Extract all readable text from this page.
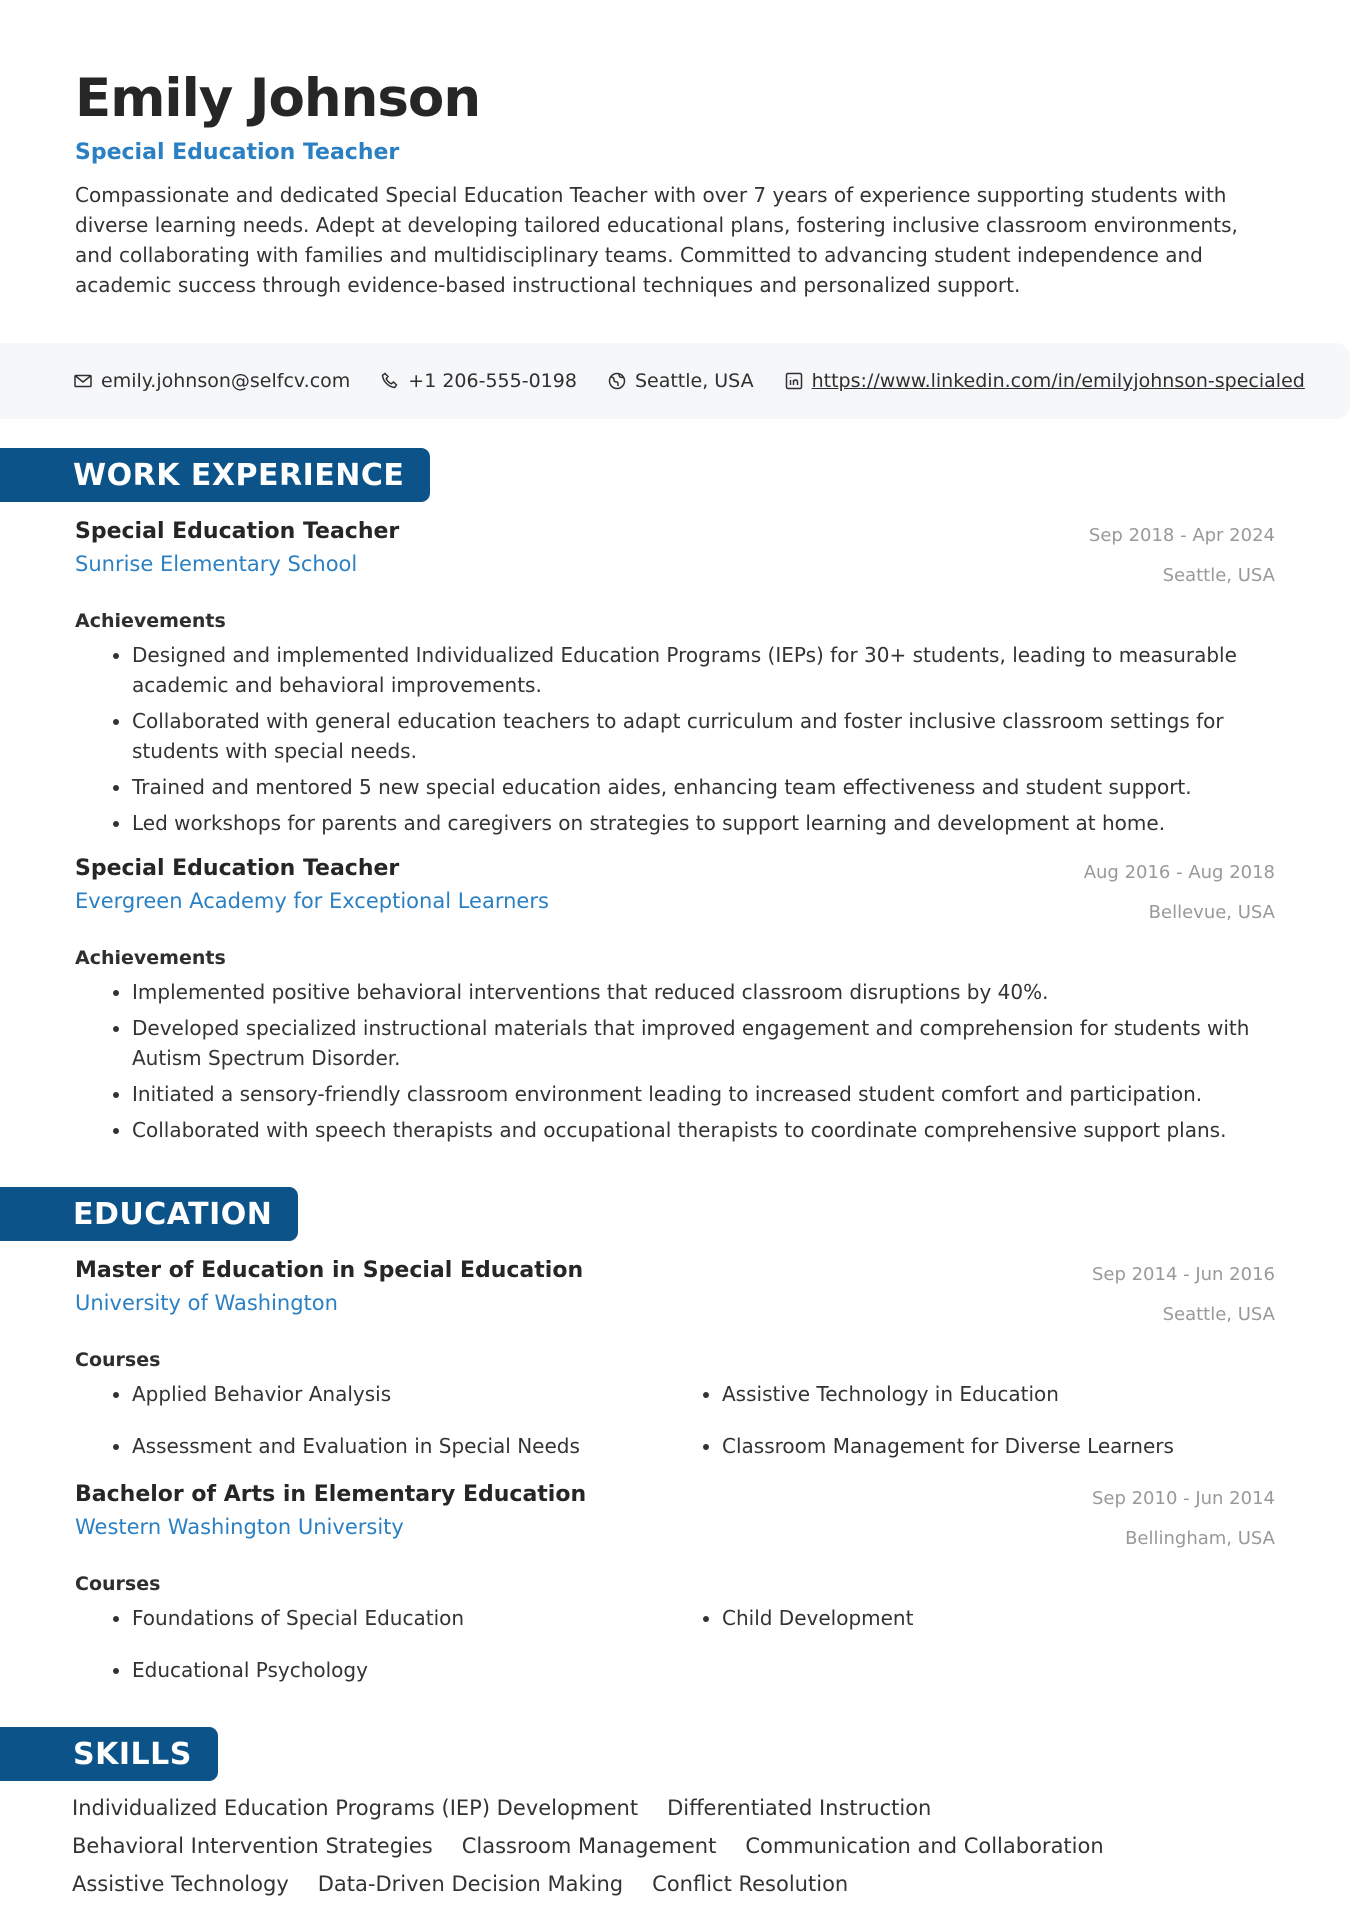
Emily Johnson
Special Education Teacher
Compassionate and dedicated Special Education Teacher with over 7 years of experience supporting students with diverse learning needs. Adept at developing tailored educational plans, fostering inclusive classroom environments, and collaborating with families and multidisciplinary teams. Committed to advancing student independence and academic success through evidence-based instructional techniques and personalized support.
emily.johnson@selfcv.com	+1 206-555-0198	Seattle, USA	https://www.linkedin.com/in/emilyjohnson-specialed
WORK EXPERIENCE
Special Education Teacher
Sunrise Elementary School
Sep 2018 - Apr 2024
Seattle, USA
Achievements
• Designed and implemented Individualized Education Programs (IEPs) for 30+ students, leading to measurable academic and behavioral improvements.
• Collaborated with general education teachers to adapt curriculum and foster inclusive classroom settings for students with special needs.
• Trained and mentored 5 new special education aides, enhancing team effectiveness and student support.
• Led workshops for parents and caregivers on strategies to support learning and development at home.
Special Education Teacher
Evergreen Academy for Exceptional Learners
Aug 2016 - Aug 2018
Bellevue, USA
Achievements
• Implemented positive behavioral interventions that reduced classroom disruptions by 40%.
• Developed specialized instructional materials that improved engagement and comprehension for students with Autism Spectrum Disorder.
• Initiated a sensory-friendly classroom environment leading to increased student comfort and participation.
• Collaborated with speech therapists and occupational therapists to coordinate comprehensive support plans.
EDUCATION
Master of Education in Special Education
University of Washington
Sep 2014 - Jun 2016
Seattle, USA
Courses
• Applied Behavior Analysis	• Assistive Technology in Education
• Assessment and Evaluation in Special Needs	• Classroom Management for Diverse Learners
Bachelor of Arts in Elementary Education
Western Washington University
Sep 2010 - Jun 2014
Bellingham, USA
Courses
• Foundations of Special Education	• Child Development
• Educational Psychology
SKILLS
Individualized Education Programs (IEP) Development Differentiated Instruction
Behavioral Intervention Strategies Classroom Management Communication and Collaboration
Assistive Technology Data-Driven Decision Making Conflict Resolution
